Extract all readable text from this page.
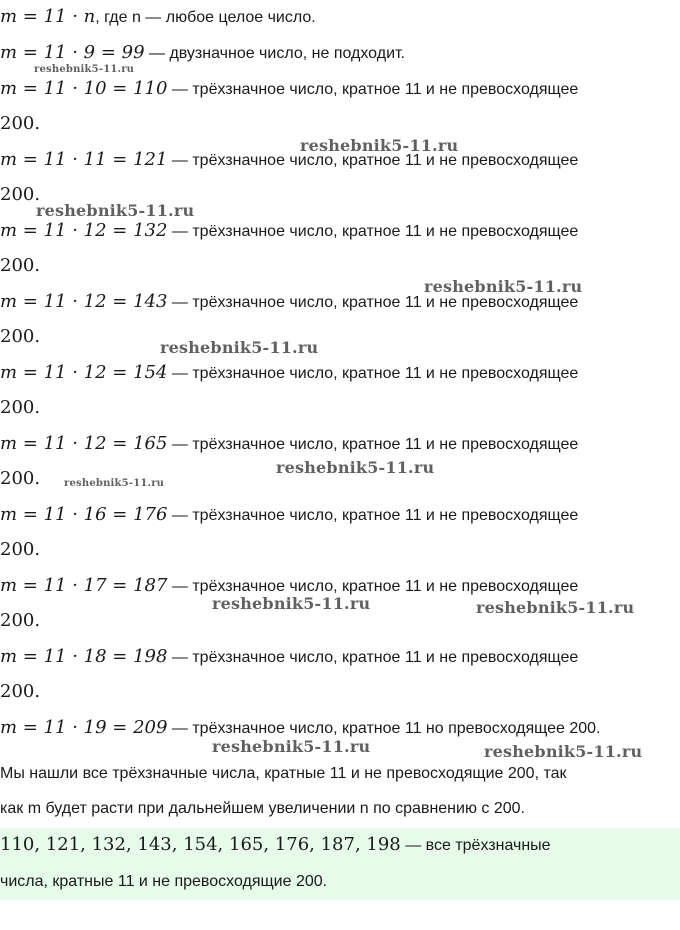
m = 11 · n, где n — любое целое число.
m = 11 · 9 = 99 — двузначное число, не подходит.
m = 11 · 10 = 110 — трёхзначное число, кратное 11 и не превосходящее
200.
m = 11 · 11 = 121 — трёхзначное число, кратное 11 и не превосходящее
200.
m = 11 · 12 = 132 — трёхзначное число, кратное 11 и не превосходящее
200.
m = 11 · 12 = 143 — трёхзначное число, кратное 11 и не превосходящее
200.
m = 11 · 12 = 154 — трёхзначное число, кратное 11 и не превосходящее
200.
m = 11 · 12 = 165 — трёхзначное число, кратное 11 и не превосходящее
200.
m = 11 · 16 = 176 — трёхзначное число, кратное 11 и не превосходящее
200.
m = 11 · 17 = 187 — трёхзначное число, кратное 11 и не превосходящее
200.
m = 11 · 18 = 198 — трёхзначное число, кратное 11 и не превосходящее
200.
m = 11 · 19 = 209 — трёхзначное число, кратное 11 но превосходящее 200.
Мы нашли все трёхзначные числа, кратные 11 и не превосходящие 200, так
как m будет расти при дальнейшем увеличении n по сравнению с 200.
110, 121, 132, 143, 154, 165, 176, 187, 198 — все трёхзначные
числа, кратные 11 и не превосходящие 200.
reshebnik5-11.ru
reshebnik5-11.ru
reshebnik5-11.ru
reshebnik5-11.ru
reshebnik5-11.ru
reshebnik5-11.ru
reshebnik5-11.ru
reshebnik5-11.ru	reshebnik5-11.ru
reshebnik5-11.ru	reshebnik5-11.ru
